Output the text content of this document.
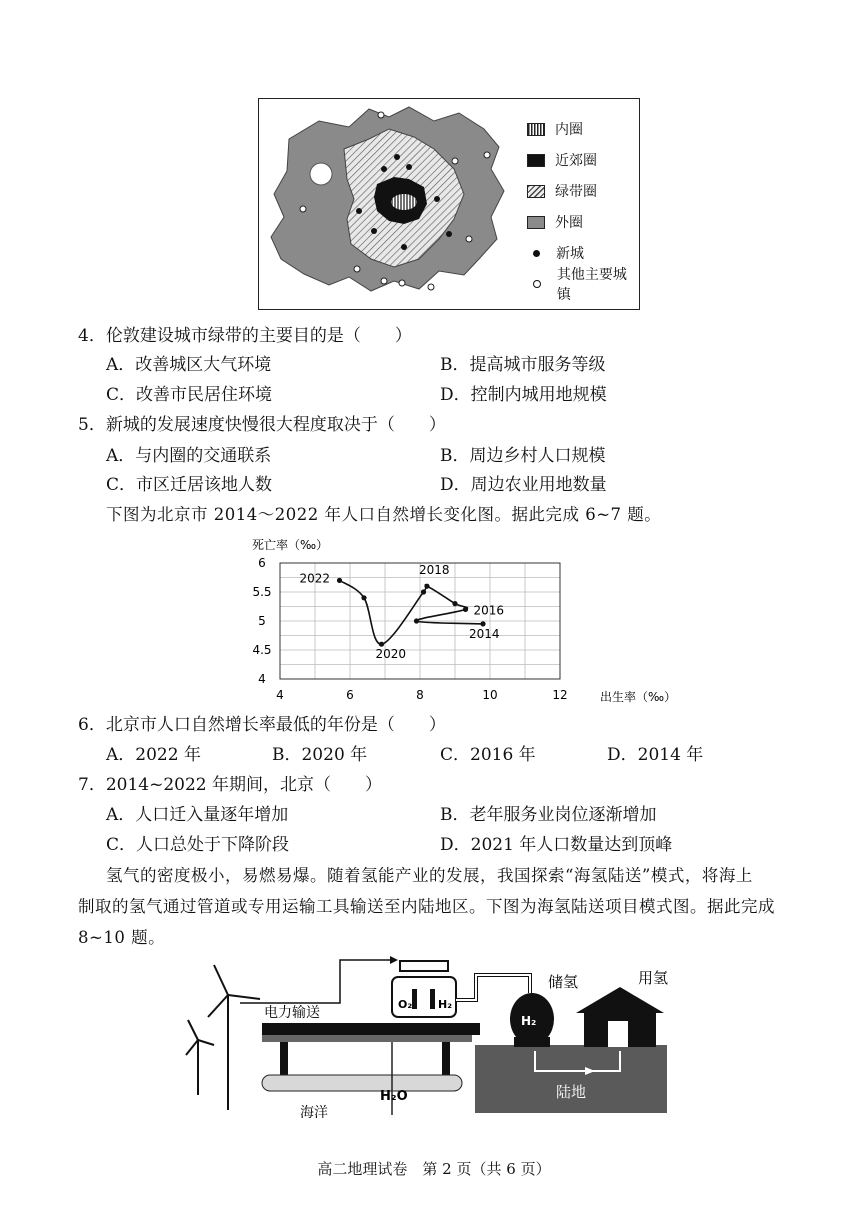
内圈
近郊圈
绿带圈
外圈
新城
其他主要城镇
4．伦敦建设城市绿带的主要目的是（　　）
A．改善城区大气环境	B．提高城市服务等级
C．改善市民居住环境	D．控制内城用地规模
5．新城的发展速度快慢很大程度取决于（　　）
A．与内圈的交通联系	B．周边乡村人口规模
C．市区迁居该地人数	D．周边农业用地数量
下图为北京市 2014～2022 年人口自然增长变化图。据此完成 6~7 题。
4	6	8	10	12
4
4.5
5
5.5
6
死亡率（‰）
出生率（‰）
2022
2020
2018
2016
2014
6．北京市人口自然增长率最低的年份是（　　）
A．2022 年	B．2020 年	C．2016 年	D．2014 年
7．2014~2022 年期间，北京（　　）
A．人口迁入量逐年增加	B．老年服务业岗位逐渐增加
C．人口总处于下降阶段	D．2021 年人口数量达到顶峰
氢气的密度极小，易燃易爆。随着氢能产业的发展，我国探索“海氢陆送”模式，将海上
制取的氢气通过管道或专用运输工具输送至内陆地区。下图为海氢陆送项目模式图。据此完成
8~10 题。
电力输送
O₂ H₂
H₂
储氢	用氢
H₂O
海洋
陆地
高二地理试卷　第 2 页（共 6 页）
